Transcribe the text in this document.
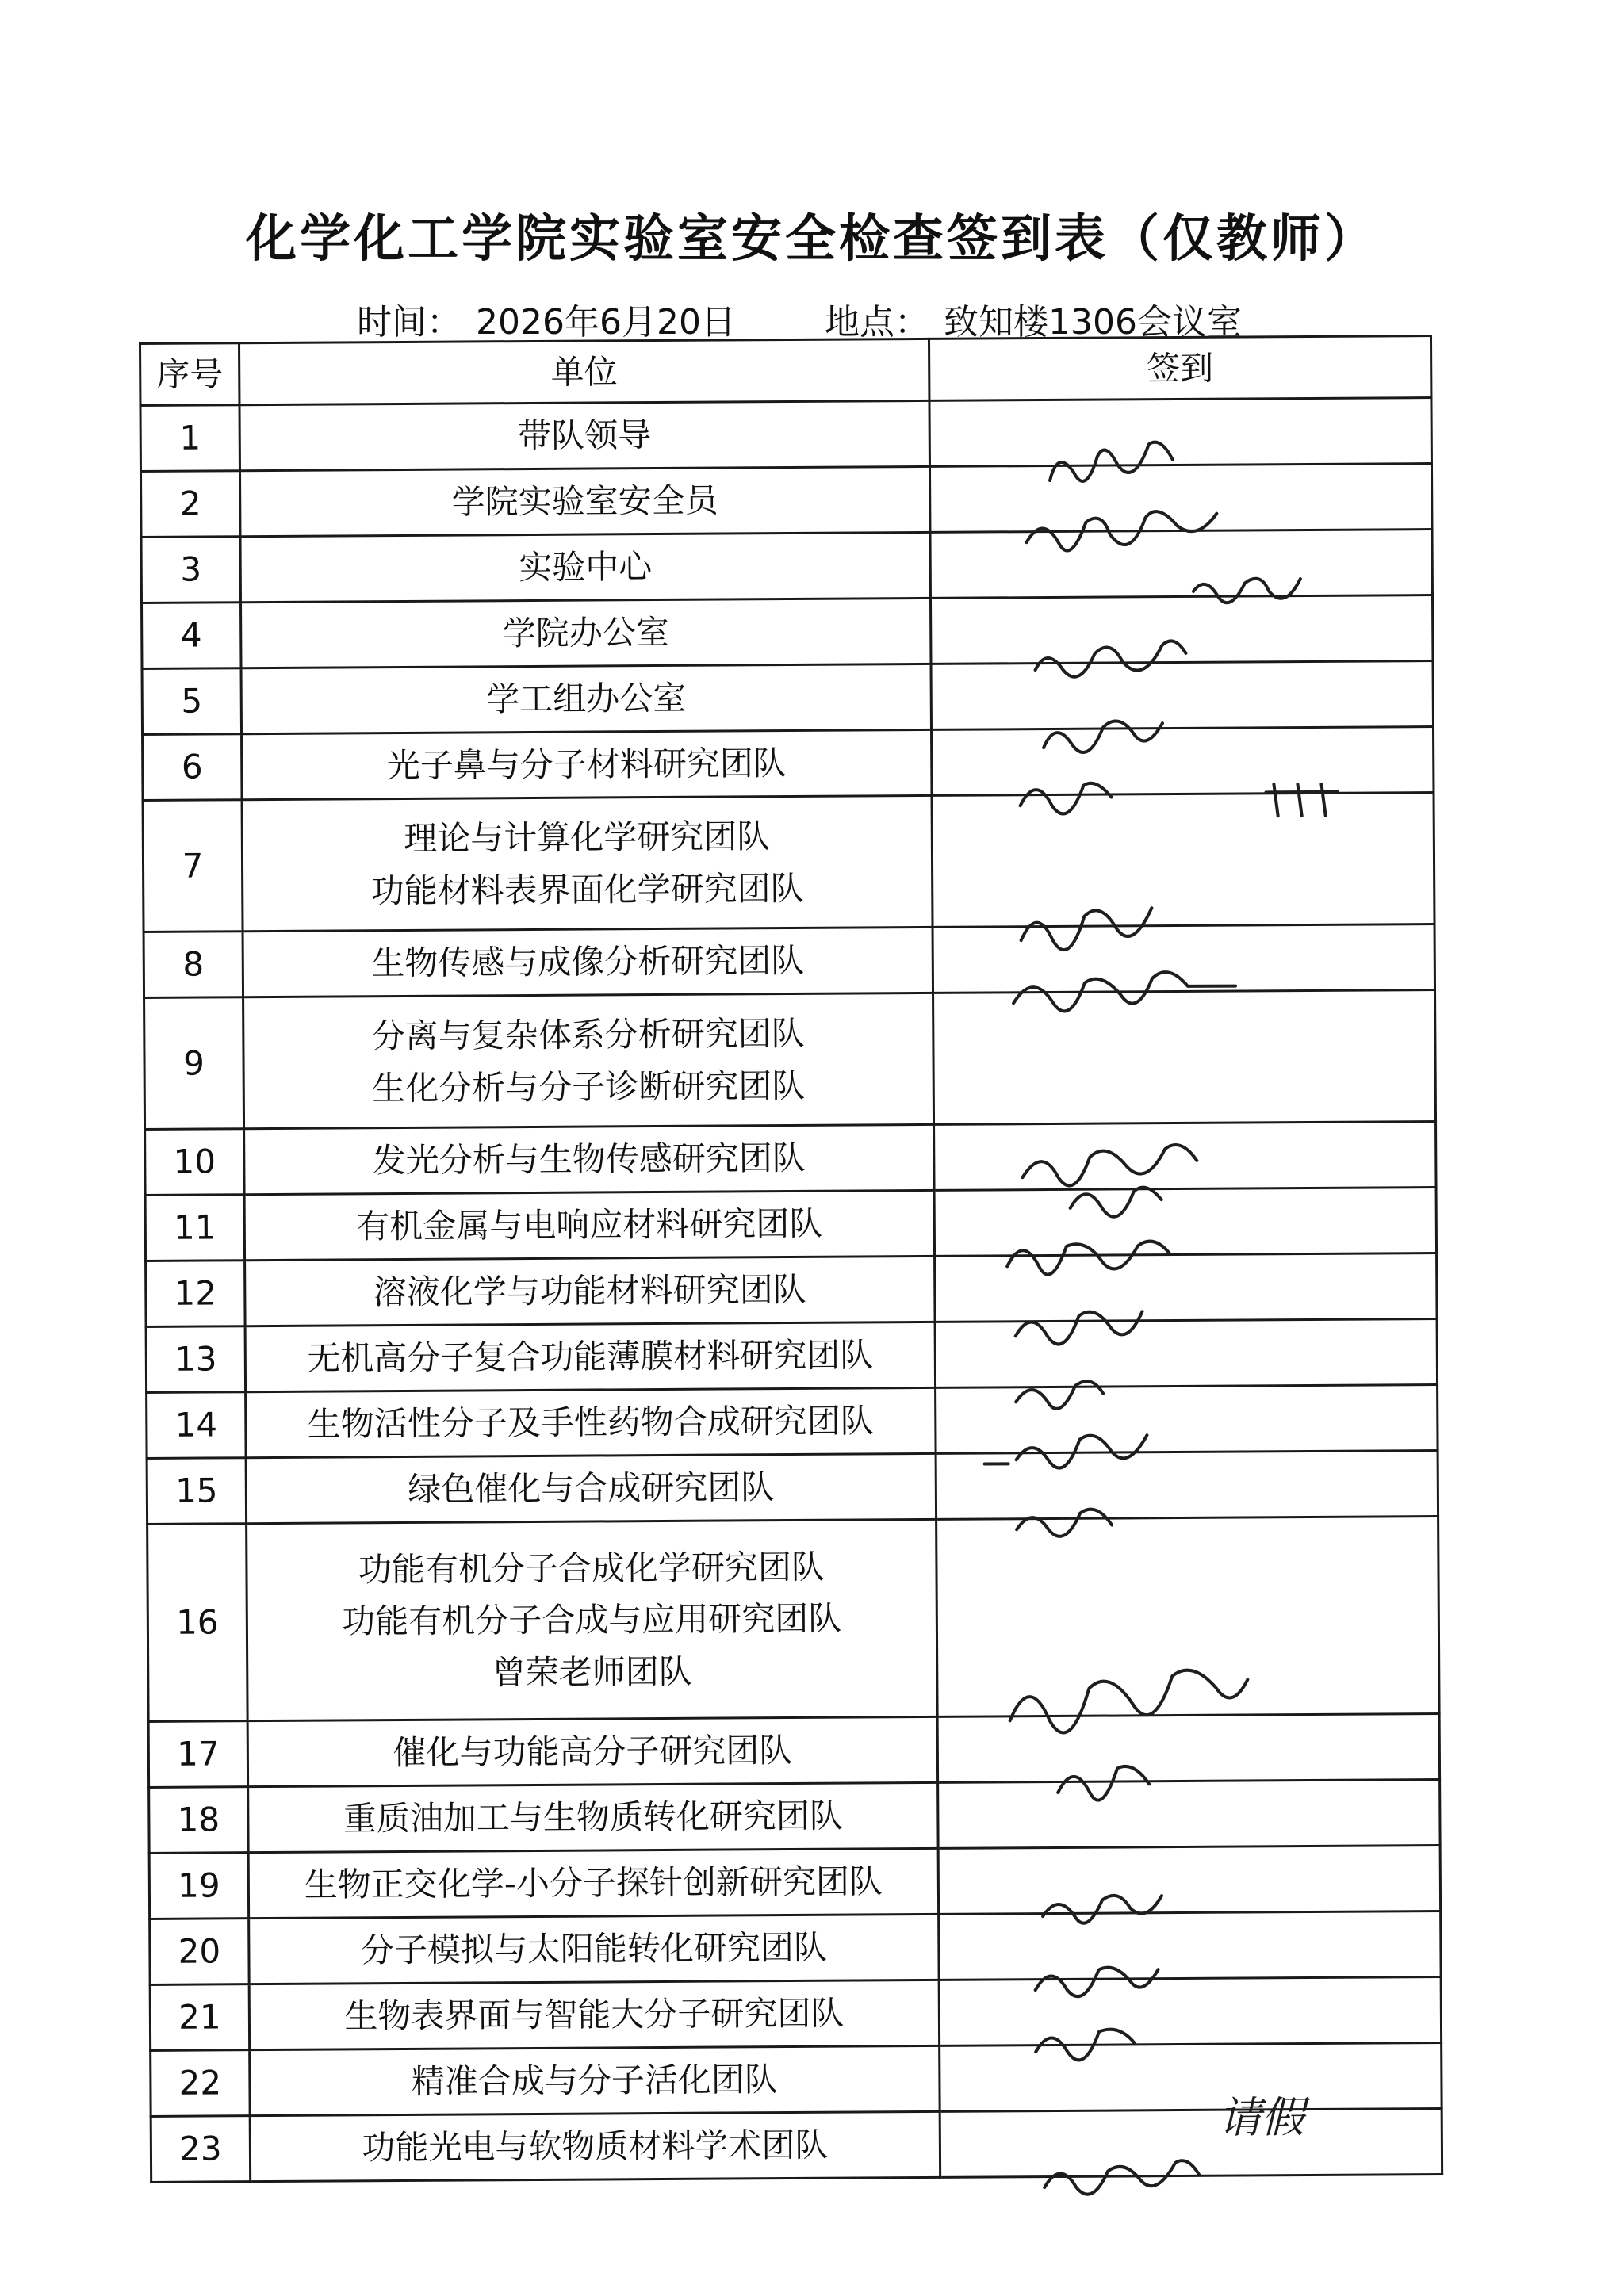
化学化工学院实验室安全检查签到表（仅教师）
时间： 2026年6月20日	地点： 致知楼1306会议室
序号	单位	签到
1	带队领导

2	学院实验室安全员

3	实验中心

4	学院办公室

5	学工组办公室

6	光子鼻与分子材料研究团队

7	理论与计算化学研究团队
功能材料表界面化学研究团队

8	生物传感与成像分析研究团队

9	分离与复杂体系分析研究团队
生化分析与分子诊断研究团队

10	发光分析与生物传感研究团队

11	有机金属与电响应材料研究团队

12	溶液化学与功能材料研究团队

13	无机高分子复合功能薄膜材料研究团队

14	生物活性分子及手性药物合成研究团队

15	绿色催化与合成研究团队

16	功能有机分子合成化学研究团队
功能有机分子合成与应用研究团队
曾荣老师团队

17	催化与功能高分子研究团队

18	重质油加工与生物质转化研究团队	

19	生物正交化学-小分子探针创新研究团队

20	分子模拟与太阳能转化研究团队

21	生物表界面与智能大分子研究团队

22	精准合成与分子活化团队	请假

23	功能光电与软物质材料学术团队
